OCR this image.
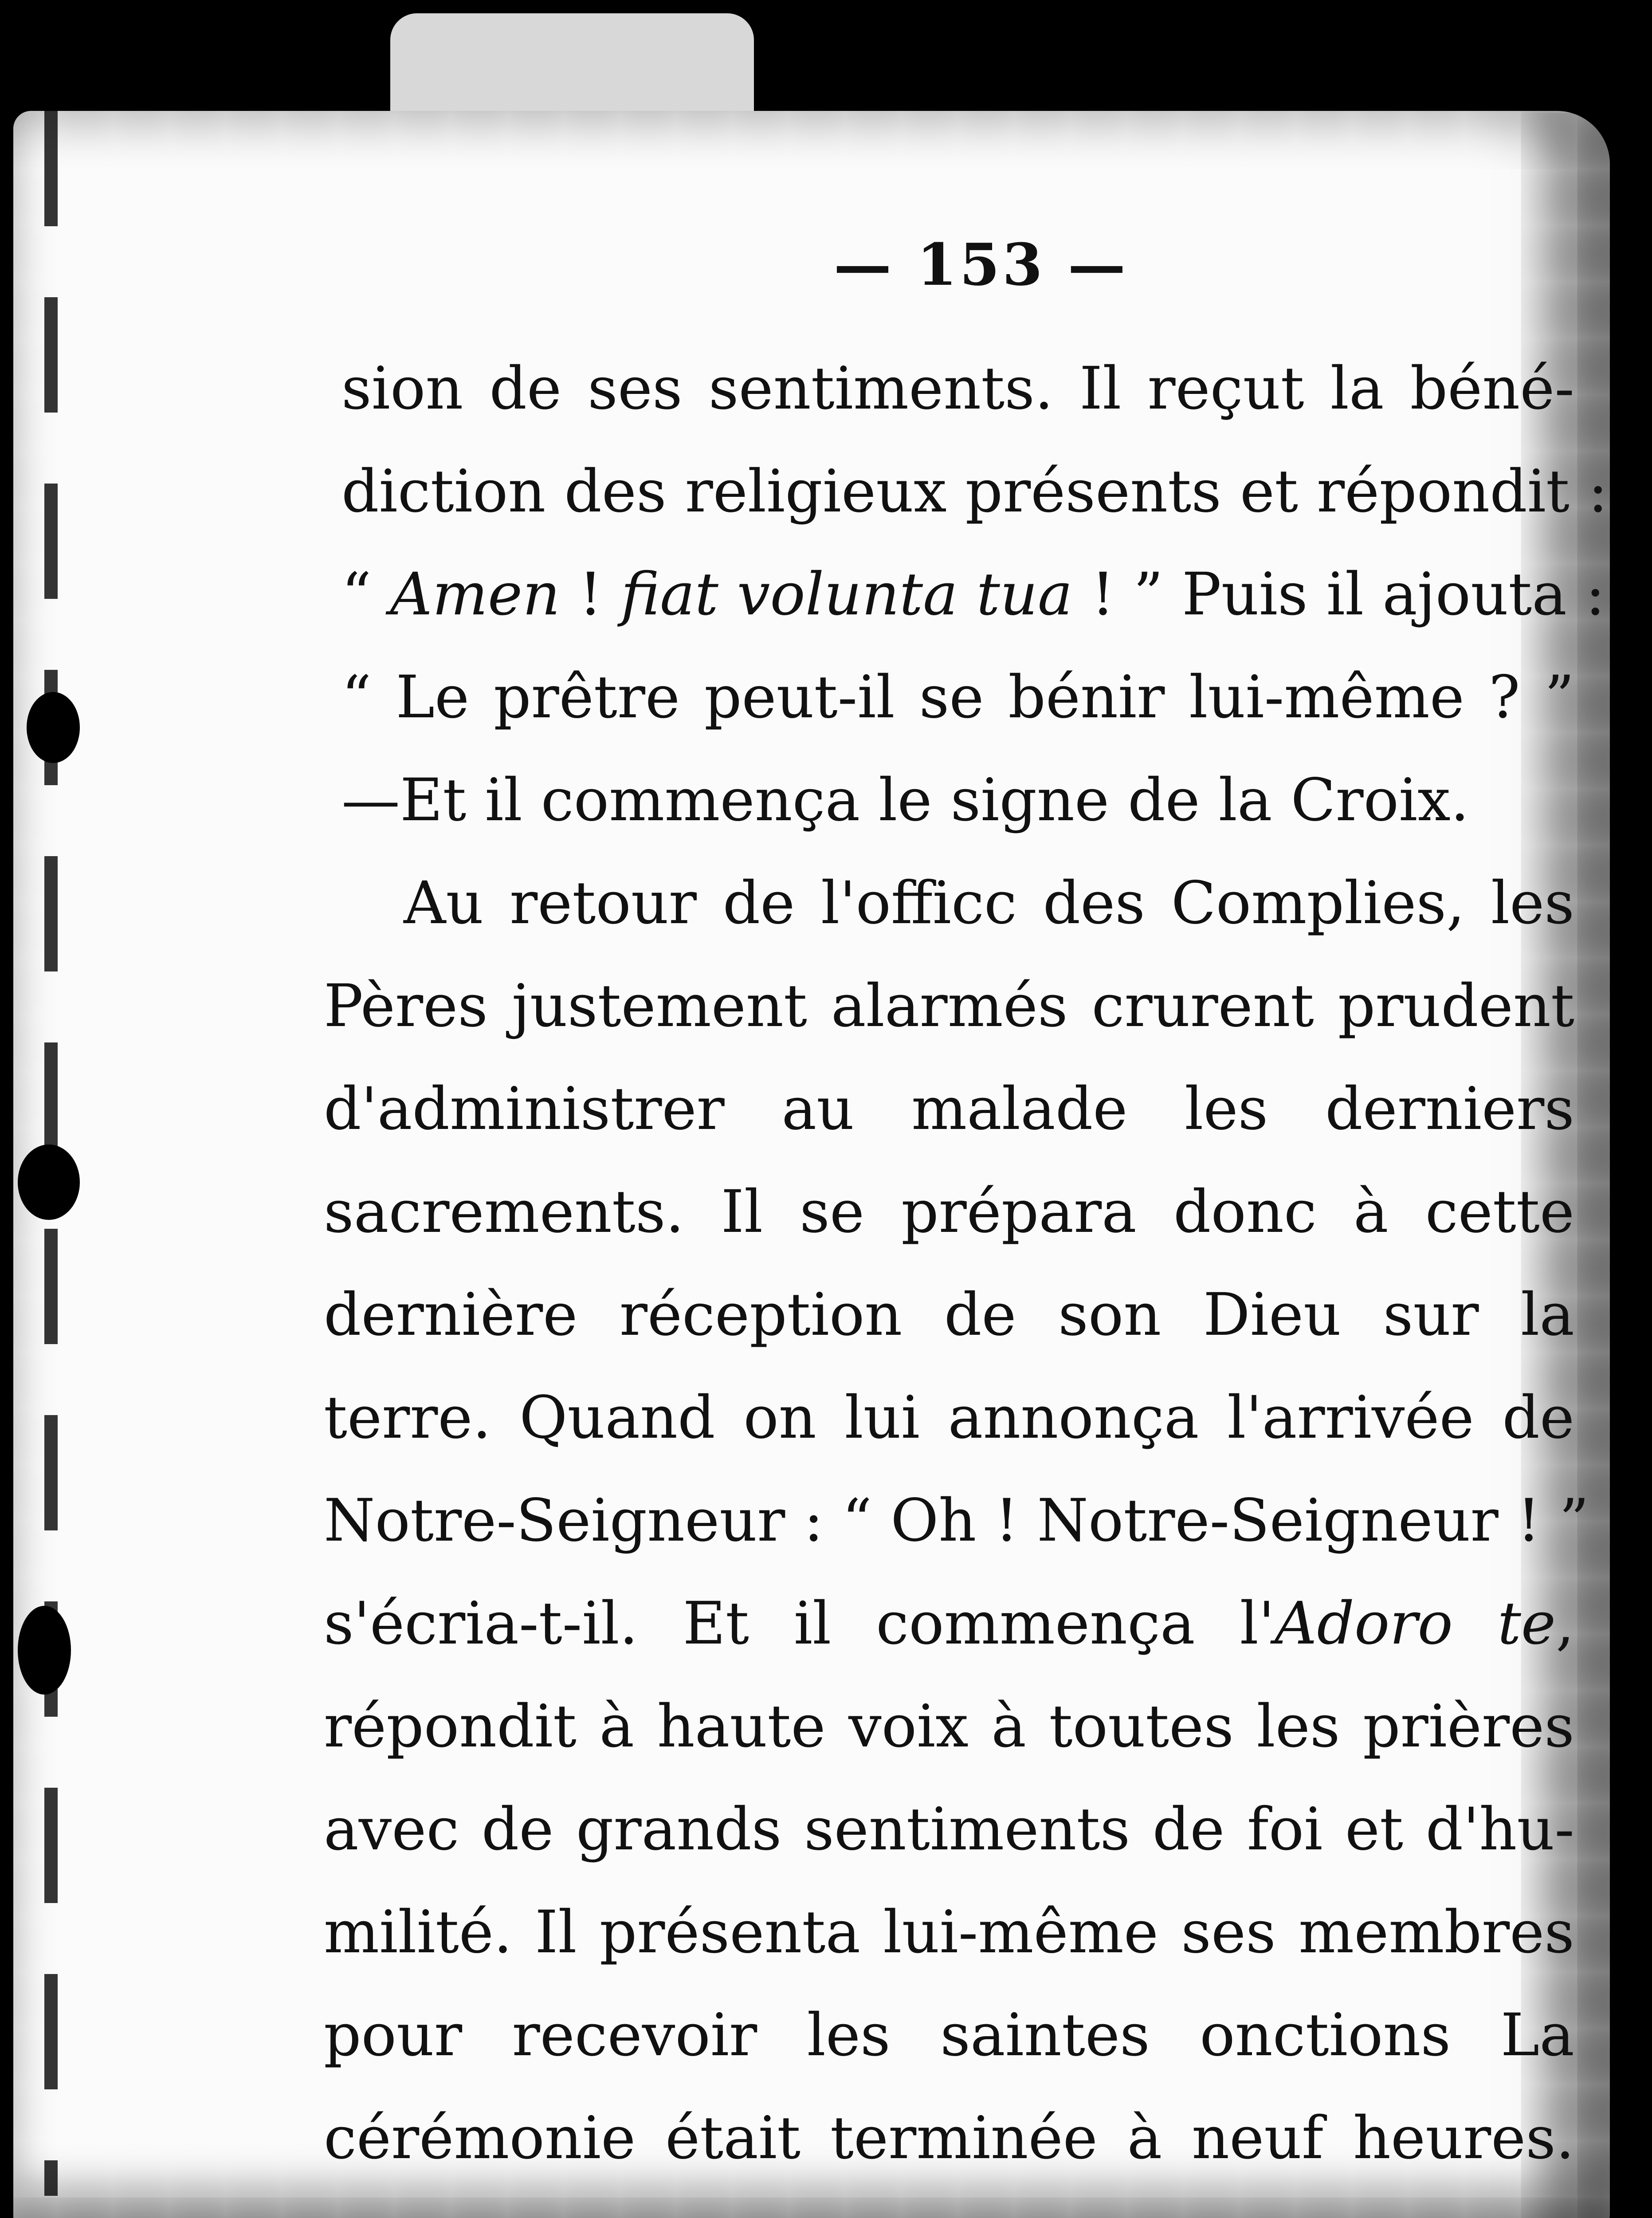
— 153 —
sion de ses sentiments. Il reçut la béné-
diction des religieux présents et répondit :
“ Amen ! fiat volunta tua ! ” Puis il ajouta :
“ Le prêtre peut-il se bénir lui-même ? ”
—Et il commença le signe de la Croix.
Au retour de l'officc des Complies, les
Pères justement alarmés crurent prudent
d'administrer au malade les derniers
sacrements. Il se prépara donc à cette
dernière réception de son Dieu sur la
terre. Quand on lui annonça l'arrivée de
Notre-Seigneur : “ Oh ! Notre-Seigneur ! ”
s'écria-t-il. Et il commença l'Adoro te,
répondit à haute voix à toutes les prières
avec de grands sentiments de foi et d'hu-
milité. Il présenta lui-même ses membres
pour recevoir les saintes onctions La
cérémonie était terminée à neuf heures.
